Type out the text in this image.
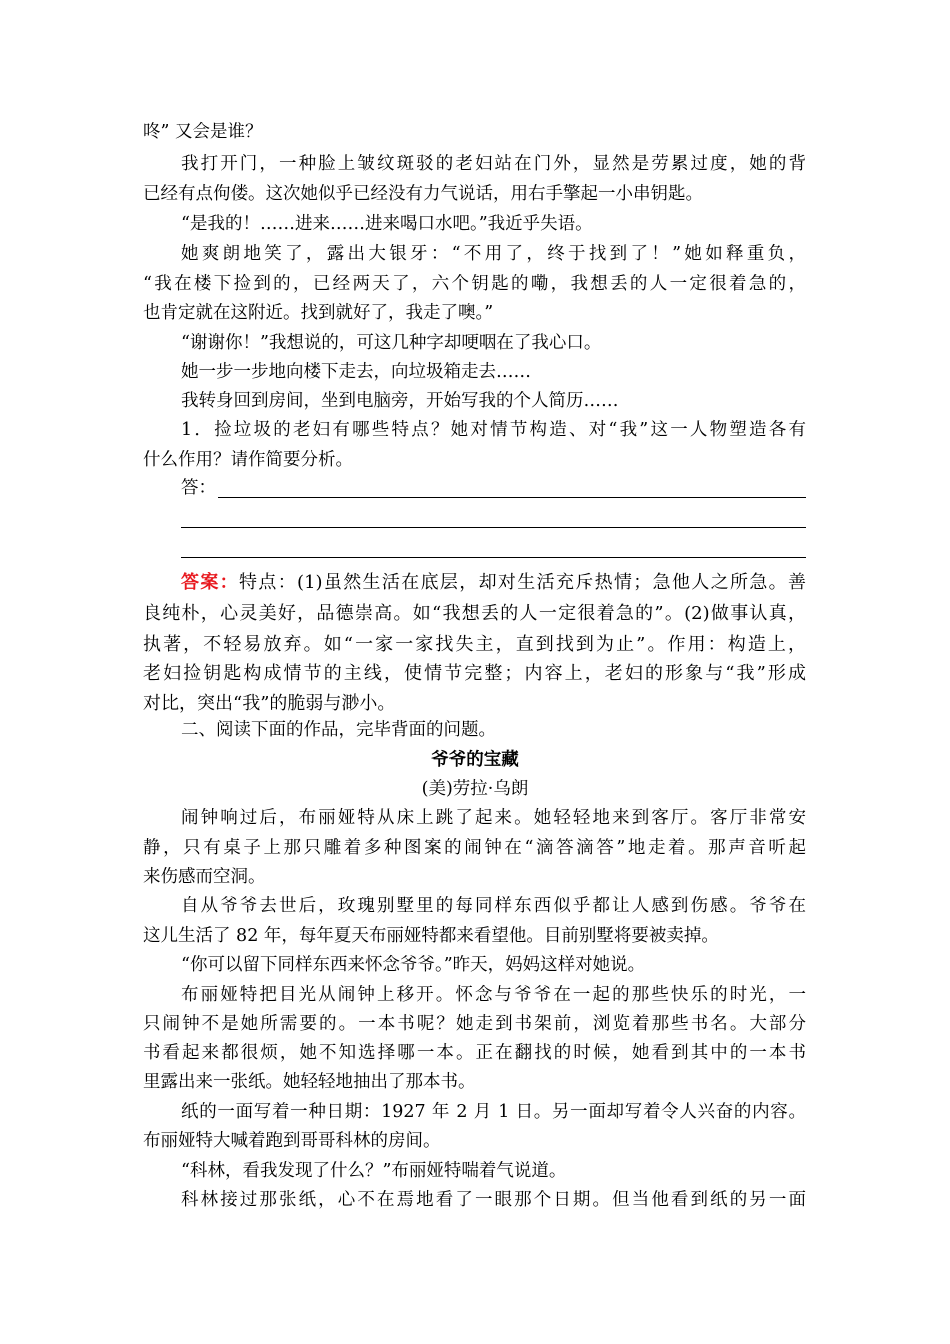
咚” 又会是谁？
我打开门，一种脸上皱纹斑驳的老妇站在门外，显然是劳累过度，她的背
已经有点佝偻。这次她似乎已经没有力气说话，用右手擎起一小串钥匙。
“是我的！……进来……进来喝口水吧。”我近乎失语。
她爽朗地笑了，露出大银牙：“不用了，终于找到了！”她如释重负，
“我在楼下捡到的，已经两天了，六个钥匙的嘞，我想丢的人一定很着急的，
也肯定就在这附近。找到就好了，我走了噢。”
“谢谢你！”我想说的，可这几种字却哽咽在了我心口。
她一步一步地向楼下走去，向垃圾箱走去……
我转身回到房间，坐到电脑旁，开始写我的个人简历……
1．捡垃圾的老妇有哪些特点？她对情节构造、对“我”这一人物塑造各有
什么作用？请作简要分析。
答：
答案：特点：(1)虽然生活在底层，却对生活充斥热情；急他人之所急。善
良纯朴，心灵美好，品德崇高。如“我想丢的人一定很着急的”。(2)做事认真，
执著，不轻易放弃。如“一家一家找失主，直到找到为止”。作用：构造上，
老妇捡钥匙构成情节的主线，使情节完整；内容上，老妇的形象与“我”形成
对比，突出“我”的脆弱与渺小。
二、阅读下面的作品，完毕背面的问题。
爷爷的宝藏
(美)劳拉·乌朗
闹钟响过后，布丽娅特从床上跳了起来。她轻轻地来到客厅。客厅非常安
静，只有桌子上那只雕着多种图案的闹钟在“滴答滴答”地走着。那声音听起
来伤感而空洞。
自从爷爷去世后，玫瑰别墅里的每同样东西似乎都让人感到伤感。爷爷在
这儿生活了 82 年，每年夏天布丽娅特都来看望他。目前别墅将要被卖掉。
“你可以留下同样东西来怀念爷爷。”昨天，妈妈这样对她说。
布丽娅特把目光从闹钟上移开。怀念与爷爷在一起的那些快乐的时光，一
只闹钟不是她所需要的。一本书呢？她走到书架前，浏览着那些书名。大部分
书看起来都很烦，她不知选择哪一本。正在翻找的时候，她看到其中的一本书
里露出来一张纸。她轻轻地抽出了那本书。
纸的一面写着一种日期：1927 年 2 月 1 日。另一面却写着令人兴奋的内容。
布丽娅特大喊着跑到哥哥科林的房间。
“科林，看我发现了什么？”布丽娅特喘着气说道。
科林接过那张纸，心不在焉地看了一眼那个日期。但当他看到纸的另一面
